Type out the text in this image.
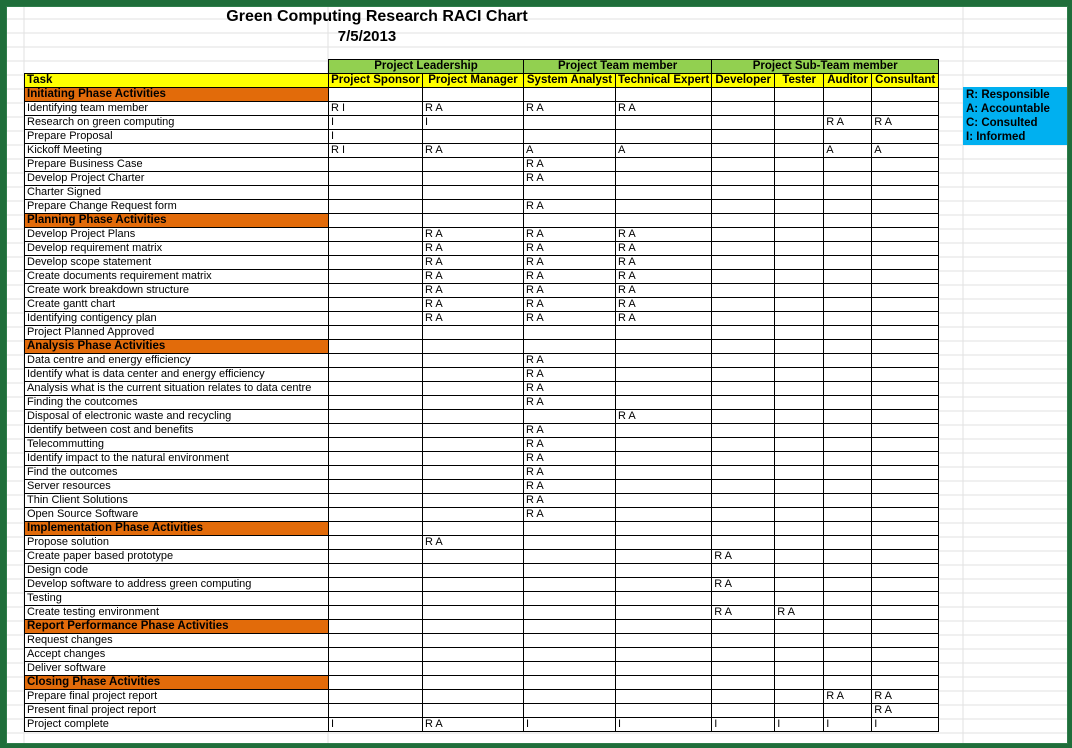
Green Computing Research RACI Chart
7/5/2013
	Project Leadership		Project Team member		Project Sub-Team member			
Task	Project Sponsor	Project Manager	System Analyst	Technical Expert	Developer	Tester	Auditor	Consultant
Initiating Phase Activities								
Identifying team member	R I	R A	R A	R A				
Research on green computing	I	I					R A	R A
Prepare Proposal	I							
Kickoff Meeting	R I	R A	A	A			A	A
Prepare Business Case			R A					
Develop Project Charter			R A					
Charter Signed								
Prepare Change Request form			R A					
Planning Phase Activities								
Develop Project Plans		R A	R A	R A				
Develop requirement matrix		R A	R A	R A				
Develop scope statement		R A	R A	R A				
Create documents requirement matrix		R A	R A	R A				
Create work breakdown structure		R A	R A	R A				
Create gantt chart		R A	R A	R A				
Identifying contigency plan		R A	R A	R A				
Project Planned Approved								
Analysis Phase Activities								
Data centre and energy efficiency			R A					
Identify what is data center and energy efficiency			R A					
Analysis what is the current situation relates to data centre			R A					
Finding the coutcomes			R A					
Disposal of electronic waste and recycling				R A				
Identify between cost and benefits			R A					
Telecommutting			R A					
Identify impact to the natural environment			R A					
Find the outcomes			R A					
Server resources			R A					
Thin Client Solutions			R A					
Open Source Software			R A					
Implementation Phase Activities								
Propose solution		R A						
Create paper based prototype					R A			
Design code								
Develop software to address green computing					R A			
Testing								
Create testing environment					R A	R A		
Report Performance Phase Activities								
Request changes								
Accept changes								
Deliver software								
Closing Phase Activities								
Prepare final project report							R A	R A
Present final project report								R A
Project complete	I	R A	I	I	I	I	I	I
R: Responsible
A: Accountable
C: Consulted
I: Informed
